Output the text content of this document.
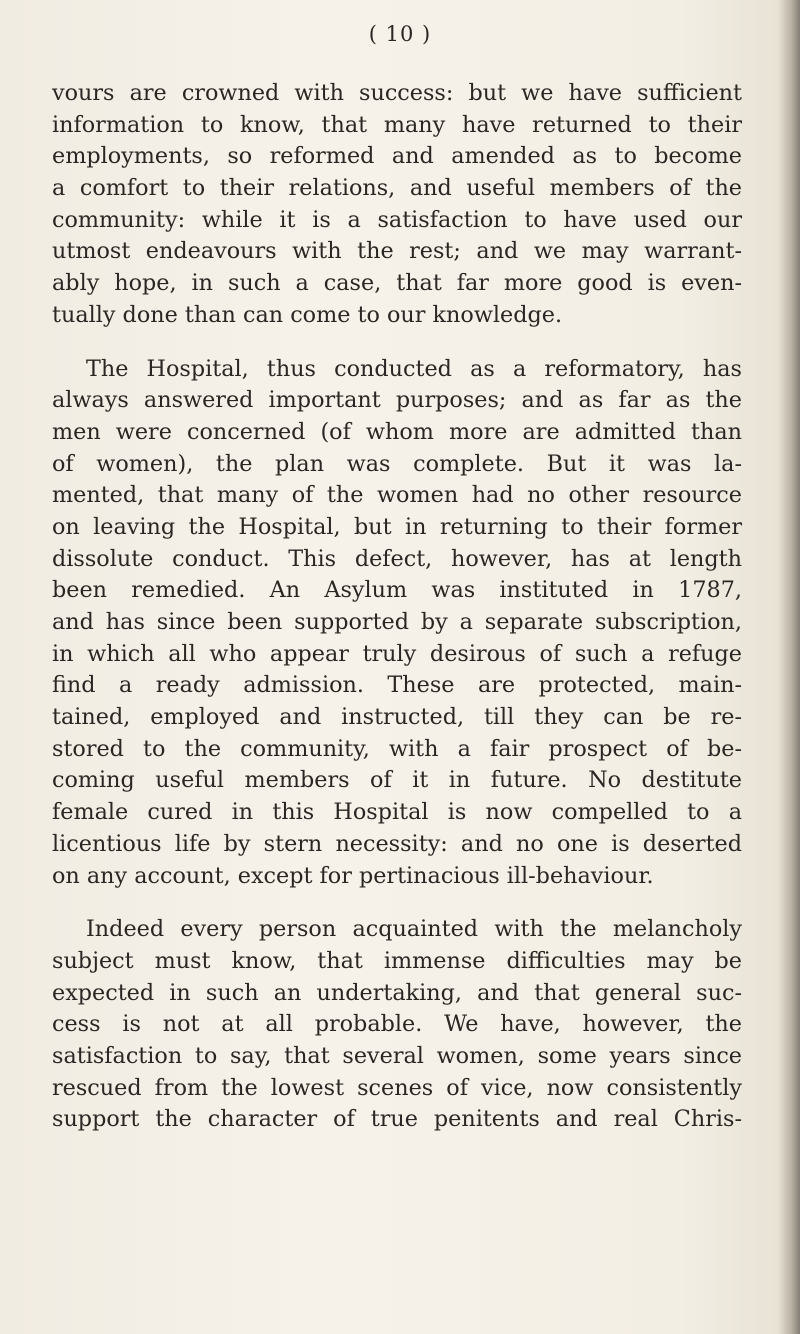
( 10 )
vours are crowned with success: but we have sufficient
information to know, that many have returned to their
employments, so reformed and amended as to become
a comfort to their relations, and useful members of the
community: while it is a satisfaction to have used our
utmost endeavours with the rest; and we may warrant-
ably hope, in such a case, that far more good is even-
tually done than can come to our knowledge.
The Hospital, thus conducted as a reformatory, has
always answered important purposes; and as far as the
men were concerned (of whom more are admitted than
of women), the plan was complete. But it was la-
mented, that many of the women had no other resource
on leaving the Hospital, but in returning to their former
dissolute conduct. This defect, however, has at length
been remedied. An Asylum was instituted in 1787,
and has since been supported by a separate subscription,
in which all who appear truly desirous of such a refuge
find a ready admission. These are protected, main-
tained, employed and instructed, till they can be re-
stored to the community, with a fair prospect of be-
coming useful members of it in future. No destitute
female cured in this Hospital is now compelled to a
licentious life by stern necessity: and no one is deserted
on any account, except for pertinacious ill-behaviour.
Indeed every person acquainted with the melancholy
subject must know, that immense difficulties may be
expected in such an undertaking, and that general suc-
cess is not at all probable. We have, however, the
satisfaction to say, that several women, some years since
rescued from the lowest scenes of vice, now consistently
support the character of true penitents and real Chris-
